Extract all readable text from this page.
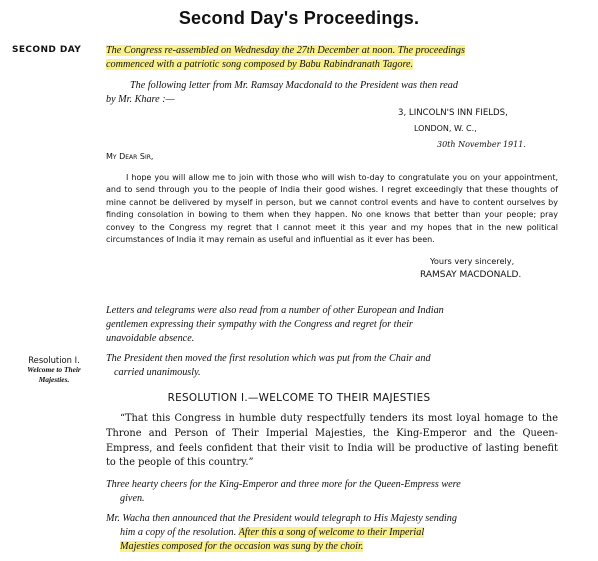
Second Day's Proceedings.
SECOND DAY The Congress re-assembled on Wednesday the 27th December at noon. The proceedings
commenced with a patriotic song composed by Babu Rabindranath Tagore.
The following letter from Mr. Ramsay Macdonald to the President was then read
by Mr. Khare :—
3, LINCOLN'S INN FIELDS,
LONDON, W. C.,
30th November 1911.
My Dear Sir,

I hope you will allow me to join with those who will wish to-day to congratulate you on your appointment, and to send through you to the people of India their good wishes. I regret exceedingly that these thoughts of mine cannot be delivered by myself in person, but we cannot control events and have to content ourselves by finding consolation in bowing to them when they happen. No one knows that better than your people; pray convey to the Congress my regret that I cannot meet it this year and my hopes that in the new political circumstances of India it may remain as useful and influential as it ever has been.

Yours very sincerely,
RAMSAY MACDONALD.
Letters and telegrams were also read from a number of other European and Indian
gentlemen expressing their sympathy with the Congress and regret for their
unavoidable absence.
Resolution I.
Welcome to Their
Majesties.
The President then moved the first resolution which was put from the Chair and
carried unanimously.
RESOLUTION I.—WELCOME TO THEIR MAJESTIES

“That this Congress in humble duty respectfully tenders its most loyal homage to the Throne and Person of Their Imperial Majesties, the King-Emperor and the Queen-Empress, and feels confident that their visit to India will be productive of lasting benefit to the people of this country.”

Three hearty cheers for the King-Emperor and three more for the Queen-Empress were
given.
Mr. Wacha then announced that the President would telegraph to His Majesty sending
him a copy of the resolution. After this a song of welcome to their Imperial
Majesties composed for the occasion was sung by the choir.
